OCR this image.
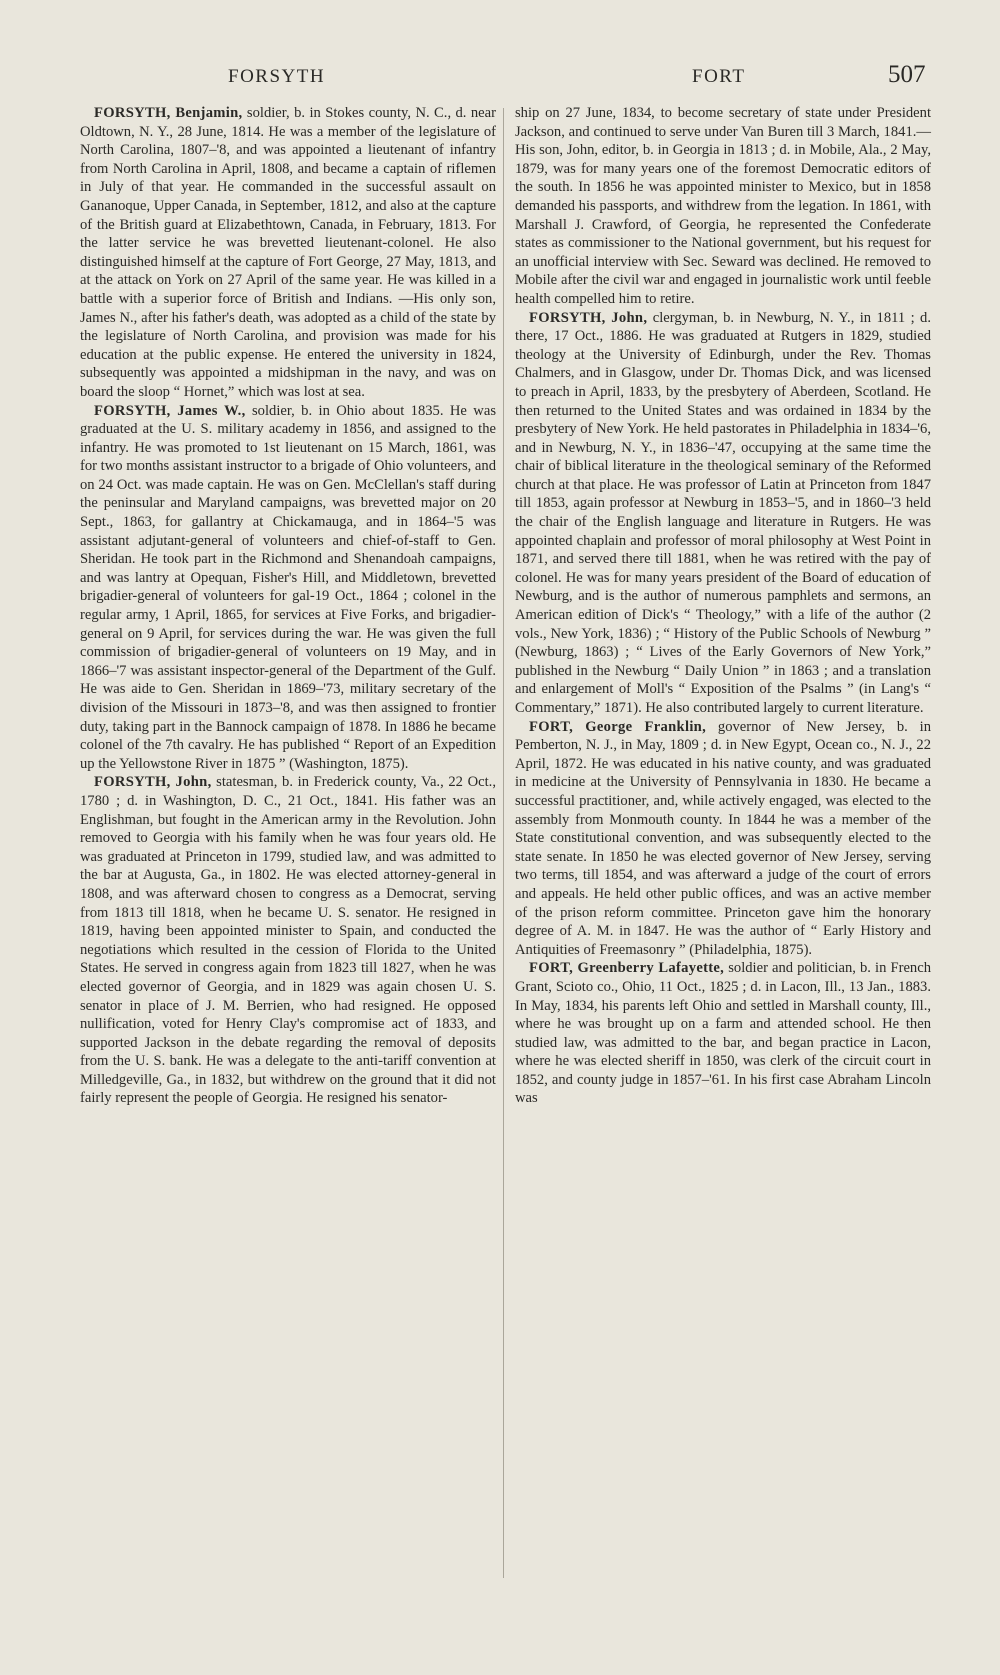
FORSYTH	FORT	507

FORSYTH, Benjamin, soldier, b. in Stokes county, N. C., d. near Oldtown, N. Y., 28 June, 1814. He was a member of the legislature of North Carolina, 1807–'8, and was appointed a lieutenant of infantry from North Carolina in April, 1808, and became a captain of riflemen in July of that year. He commanded in the successful assault on Gananoque, Upper Canada, in September, 1812, and also at the capture of the British guard at Elizabethtown, Canada, in February, 1813. For the latter service he was brevetted lieutenant-colonel. He also distinguished himself at the capture of Fort George, 27 May, 1813, and at the attack on York on 27 April of the same year. He was killed in a battle with a superior force of British and Indians. —His only son, James N., after his father's death, was adopted as a child of the state by the legislature of North Carolina, and provision was made for his education at the public expense. He entered the university in 1824, subsequently was appointed a midshipman in the navy, and was on board the sloop “ Hornet,” which was lost at sea.

FORSYTH, James W., soldier, b. in Ohio about 1835. He was graduated at the U. S. military academy in 1856, and assigned to the infantry. He was promoted to 1st lieutenant on 15 March, 1861, was for two months assistant instructor to a brigade of Ohio volunteers, and on 24 Oct. was made captain. He was on Gen. McClellan's staff during the peninsular and Maryland campaigns, was brevetted major on 20 Sept., 1863, for gallantry at Chickamauga, and in 1864–'5 was assistant adjutant-general of volunteers and chief-of-staff to Gen. Sheridan. He took part in the Richmond and Shenandoah campaigns, and was lantry at Opequan, Fisher's Hill, and Middletown, brevetted brigadier-general of volunteers for gal-19 Oct., 1864 ; colonel in the regular army, 1 April, 1865, for services at Five Forks, and brigadier-general on 9 April, for services during the war. He was given the full commission of brigadier-general of volunteers on 19 May, and in 1866–'7 was assistant inspector-general of the Department of the Gulf. He was aide to Gen. Sheridan in 1869–'73, military secretary of the division of the Missouri in 1873–'8, and was then assigned to frontier duty, taking part in the Bannock campaign of 1878. In 1886 he became colonel of the 7th cavalry. He has published “ Report of an Expedition up the Yellowstone River in 1875 ” (Washington, 1875).

FORSYTH, John, statesman, b. in Frederick county, Va., 22 Oct., 1780 ; d. in Washington, D. C., 21 Oct., 1841. His father was an Englishman, but fought in the American army in the Revolution. John removed to Georgia with his family when he was four years old. He was graduated at Princeton in 1799, studied law, and was admitted to the bar at Augusta, Ga., in 1802. He was elected attorney-general in 1808, and was afterward chosen to congress as a Democrat, serving from 1813 till 1818, when he became U. S. senator. He resigned in 1819, having been appointed minister to Spain, and conducted the negotiations which resulted in the cession of Florida to the United States. He served in congress again from 1823 till 1827, when he was elected governor of Georgia, and in 1829 was again chosen U. S. senator in place of J. M. Berrien, who had resigned. He opposed nullification, voted for Henry Clay's compromise act of 1833, and supported Jackson in the debate regarding the removal of deposits from the U. S. bank. He was a delegate to the anti-tariff convention at Milledgeville, Ga., in 1832, but withdrew on the ground that it did not fairly represent the people of Georgia. He resigned his senator-

ship on 27 June, 1834, to become secretary of state under President Jackson, and continued to serve under Van Buren till 3 March, 1841.—His son, John, editor, b. in Georgia in 1813 ; d. in Mobile, Ala., 2 May, 1879, was for many years one of the foremost Democratic editors of the south. In 1856 he was appointed minister to Mexico, but in 1858 demanded his passports, and withdrew from the legation. In 1861, with Marshall J. Crawford, of Georgia, he represented the Confederate states as commissioner to the National government, but his request for an unofficial interview with Sec. Seward was declined. He removed to Mobile after the civil war and engaged in journalistic work until feeble health compelled him to retire.

FORSYTH, John, clergyman, b. in Newburg, N. Y., in 1811 ; d. there, 17 Oct., 1886. He was graduated at Rutgers in 1829, studied theology at the University of Edinburgh, under the Rev. Thomas Chalmers, and in Glasgow, under Dr. Thomas Dick, and was licensed to preach in April, 1833, by the presbytery of Aberdeen, Scotland. He then returned to the United States and was ordained in 1834 by the presbytery of New York. He held pastorates in Philadelphia in 1834–'6, and in Newburg, N. Y., in 1836–'47, occupying at the same time the chair of biblical literature in the theological seminary of the Reformed church at that place. He was professor of Latin at Princeton from 1847 till 1853, again professor at Newburg in 1853–'5, and in 1860–'3 held the chair of the English language and literature in Rutgers. He was appointed chaplain and professor of moral philosophy at West Point in 1871, and served there till 1881, when he was retired with the pay of colonel. He was for many years president of the Board of education of Newburg, and is the author of numerous pamphlets and sermons, an American edition of Dick's “ Theology,” with a life of the author (2 vols., New York, 1836) ; “ History of the Public Schools of Newburg ” (Newburg, 1863) ; “ Lives of the Early Governors of New York,” published in the Newburg “ Daily Union ” in 1863 ; and a translation and enlargement of Moll's “ Exposition of the Psalms ” (in Lang's “ Commentary,” 1871). He also contributed largely to current literature.

FORT, George Franklin, governor of New Jersey, b. in Pemberton, N. J., in May, 1809 ; d. in New Egypt, Ocean co., N. J., 22 April, 1872. He was educated in his native county, and was graduated in medicine at the University of Pennsylvania in 1830. He became a successful practitioner, and, while actively engaged, was elected to the assembly from Monmouth county. In 1844 he was a member of the State constitutional convention, and was subsequently elected to the state senate. In 1850 he was elected governor of New Jersey, serving two terms, till 1854, and was afterward a judge of the court of errors and appeals. He held other public offices, and was an active member of the prison reform committee. Princeton gave him the honorary degree of A. M. in 1847. He was the author of “ Early History and Antiquities of Freemasonry ” (Philadelphia, 1875).

FORT, Greenberry Lafayette, soldier and politician, b. in French Grant, Scioto co., Ohio, 11 Oct., 1825 ; d. in Lacon, Ill., 13 Jan., 1883. In May, 1834, his parents left Ohio and settled in Marshall county, Ill., where he was brought up on a farm and attended school. He then studied law, was admitted to the bar, and began practice in Lacon, where he was elected sheriff in 1850, was clerk of the circuit court in 1852, and county judge in 1857–'61. In his first case Abraham Lincoln was
